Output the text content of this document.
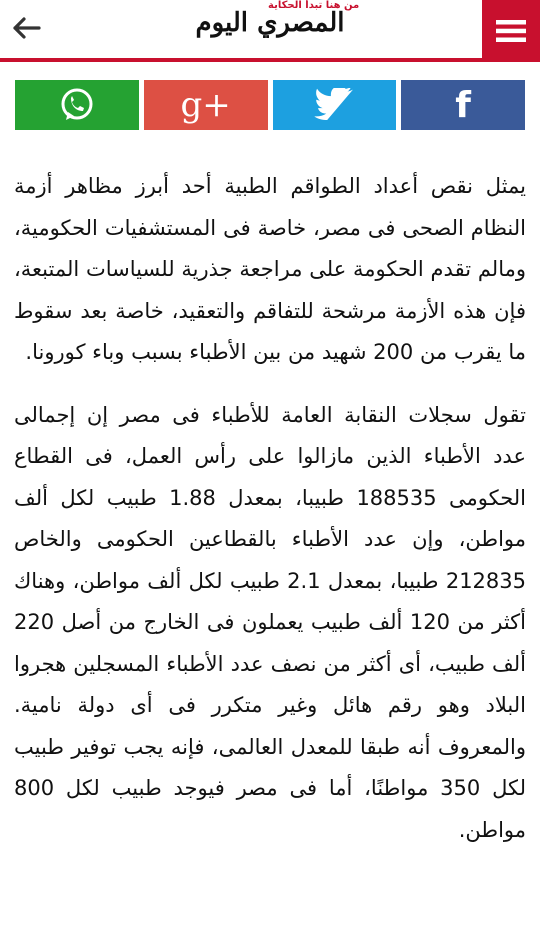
المصري اليوم
من هنا تبدأ الحكاية
g+	f

يمثل نقص أعداد الطواقم الطبية أحد أبرز مظاهر أزمة النظام الصحى فى مصر، خاصة فى المستشفيات الحكومية، ومالم تقدم الحكومة على مراجعة جذرية للسياسات المتبعة، فإن هذه الأزمة مرشحة للتفاقم والتعقيد، خاصة بعد سقوط ما يقرب من 200 شهيد من بين الأطباء بسبب وباء كورونا.

تقول سجلات النقابة العامة للأطباء فى مصر إن إجمالى عدد الأطباء الذين مازالوا على رأس العمل، فى القطاع الحكومى 188535 طبيبا، بمعدل 1.88 طبيب لكل ألف مواطن، وإن عدد الأطباء بالقطاعين الحكومى والخاص 212835 طبيبا، بمعدل 2.1 طبيب لكل ألف مواطن، وهناك أكثر من 120 ألف طبيب يعملون فى الخارج من أصل 220 ألف طبيب، أى أكثر من نصف عدد الأطباء المسجلين هجروا البلاد وهو رقم هائل وغير متكرر فى أى دولة نامية. والمعروف أنه طبقا للمعدل العالمى، فإنه يجب توفير طبيب لكل 350 مواطنًا، أما فى مصر فيوجد طبيب لكل 800 مواطن.
